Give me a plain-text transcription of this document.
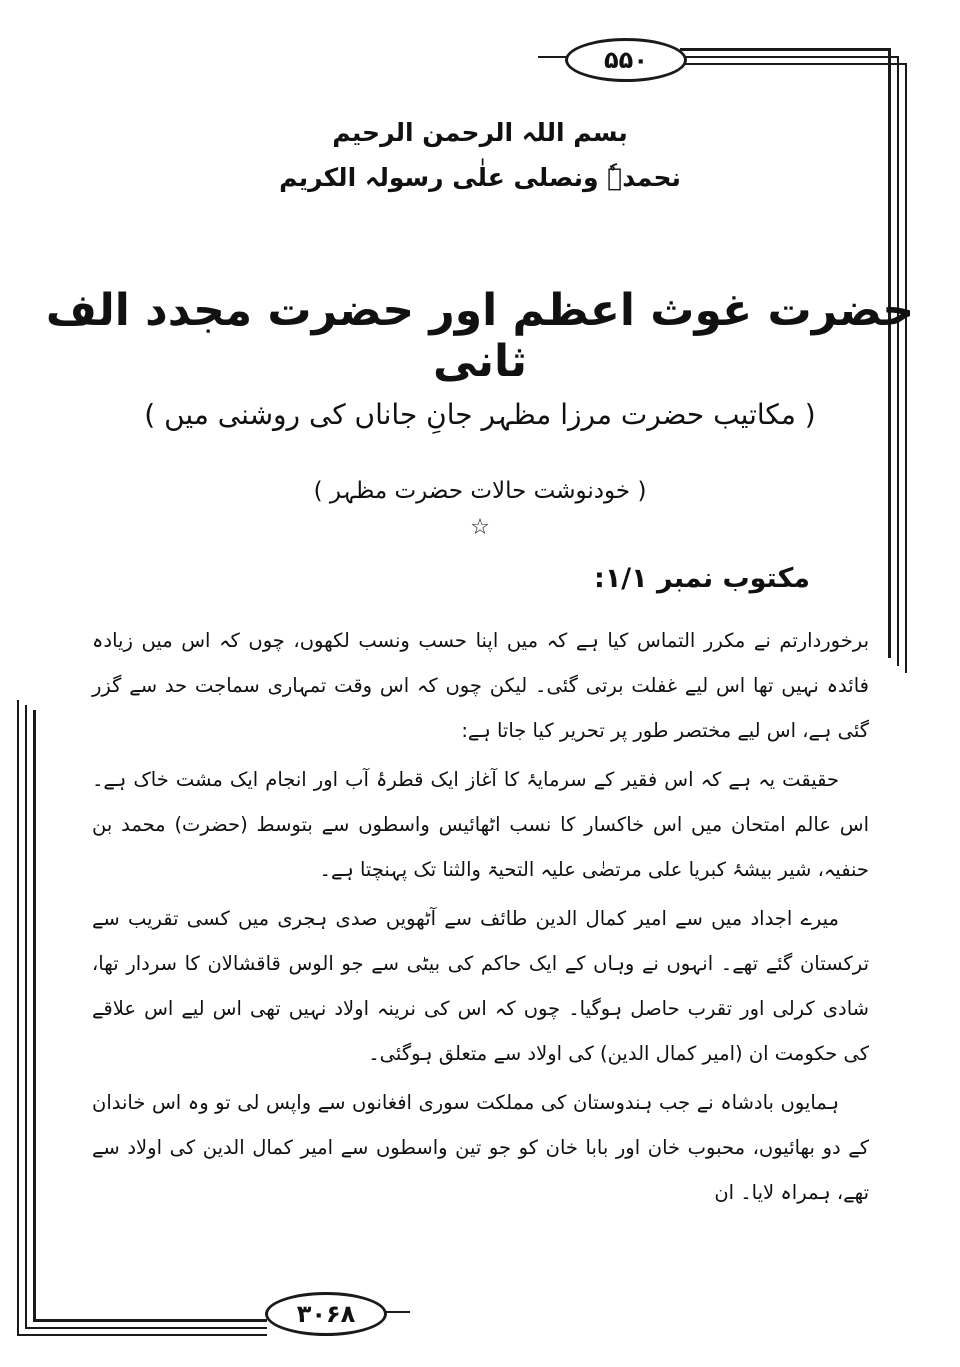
۵۵۰
۳۰۶۸
بسم اللہ الرحمن الرحیم
نحمدہٗ ونصلی علٰی رسولہ الکریم
حضرت غوث اعظم اور حضرت مجدد الف ثانی
( مکاتیب حضرت مرزا مظہر جانِ جاناں کی روشنی میں )
( خودنوشت حالات حضرت مظہر )
☆
مکتوب نمبر ۱/۱:

برخوردارتم نے مکرر التماس کیا ہے کہ میں اپنا حسب ونسب لکھوں، چوں کہ اس میں زیادہ فائدہ نہیں تھا اس لیے غفلت برتی گئی۔ لیکن چوں کہ اس وقت تمہاری سماجت حد سے گزر گئی ہے، اس لیے مختصر طور پر تحریر کیا جاتا ہے:

حقیقت یہ ہے کہ اس فقیر کے سرمایۂ کا آغاز ایک قطرۂ آب اور انجام ایک مشت خاک ہے۔ اس عالم امتحان میں اس خاکسار کا نسب اٹھائیس واسطوں سے بتوسط (حضرت) محمد بن حنفیہ، شیر بیشۂ کبریا علی مرتضٰی علیہ التحیۃ والثنا تک پہنچتا ہے۔

میرے اجداد میں سے امیر کمال الدین طائف سے آٹھویں صدی ہجری میں کسی تقریب سے ترکستان گئے تھے۔ انہوں نے وہاں کے ایک حاکم کی بیٹی سے جو الوس قاقشالان کا سردار تھا، شادی کرلی اور تقرب حاصل ہوگیا۔ چوں کہ اس کی نرینہ اولاد نہیں تھی اس لیے اس علاقے کی حکومت ان (امیر کمال الدین) کی اولاد سے متعلق ہوگئی۔

ہمایوں بادشاہ نے جب ہندوستان کی مملکت سوری افغانوں سے واپس لی تو وہ اس خاندان کے دو بھائیوں، محبوب خان اور بابا خان کو جو تین واسطوں سے امیر کمال الدین کی اولاد سے تھے، ہمراہ لایا۔ ان
